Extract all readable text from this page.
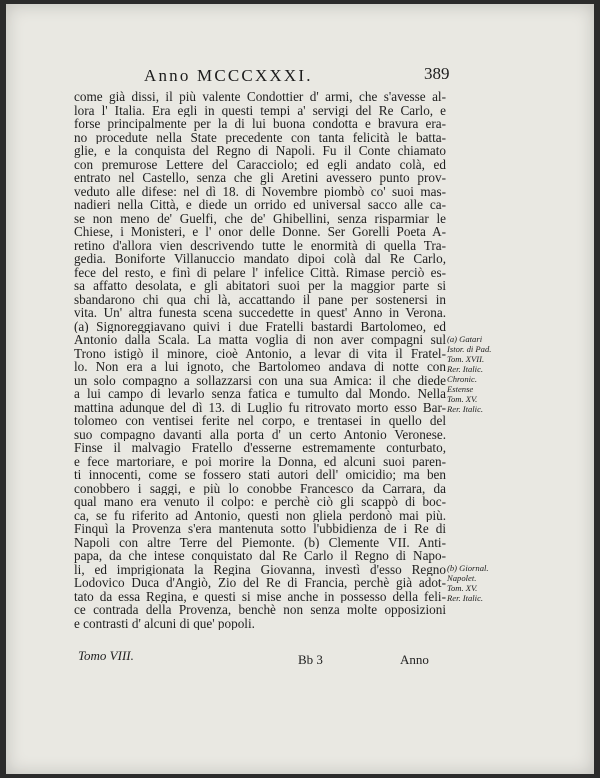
Anno MCCCXXXI.	389
come già dissi, il più valente Condottier d' armi, che s'avesse al-
lora l' Italia. Era egli in questi tempi a' servigi del Re Carlo, e
forse principalmente per la di lui buona condotta e bravura era-
no procedute nella State precedente con tanta felicità le batta-
glie, e la conquista del Regno di Napoli. Fu il Conte chiamato
con premurose Lettere del Caracciolo; ed egli andato colà, ed
entrato nel Castello, senza che gli Aretini avessero punto prov-
veduto alle difese: nel dì 18. di Novembre piombò co' suoi mas-
nadieri nella Città, e diede un orrido ed universal sacco alle ca-
se non meno de' Guelfi, che de' Ghibellini, senza risparmiar le
Chiese, i Monisteri, e l' onor delle Donne. Ser Gorelli Poeta A-
retino d'allora vien descrivendo tutte le enormità di quella Tra-
gedia. Boniforte Villanuccio mandato dipoi colà dal Re Carlo,
fece del resto, e finì di pelare l' infelice Città. Rimase perciò es-
sa affatto desolata, e gli abitatori suoi per la maggior parte si
sbandarono chi qua chi là, accattando il pane per sostenersi in
vita. Un' altra funesta scena succedette in quest' Anno in Verona.
(a) Signoreggiavano quivi i due Fratelli bastardi Bartolomeo, ed
Antonio dalla Scala. La matta voglia di non aver compagni sul
Trono istigò il minore, cioè Antonio, a levar di vita il Fratel-
lo. Non era a lui ignoto, che Bartolomeo andava di notte con
un solo compagno a sollazzarsi con una sua Amica: il che diede
a lui campo di levarlo senza fatica e tumulto dal Mondo. Nella
mattina adunque del dì 13. di Luglio fu ritrovato morto esso Bar-
tolomeo con ventisei ferite nel corpo, e trentasei in quello del
suo compagno davanti alla porta d' un certo Antonio Veronese.
Finse il malvagio Fratello d'esserne estremamente conturbato,
e fece martoriare, e poi morire la Donna, ed alcuni suoi paren-
ti innocenti, come se fossero stati autori dell' omicidio; ma ben
conobbero i saggi, e più lo conobbe Francesco da Carrara, da
qual mano era venuto il colpo: e perchè ciò gli scappò di boc-
ca, se fu riferito ad Antonio, questi non gliela perdonò mai più.
Finquì la Provenza s'era mantenuta sotto l'ubbidienza de i Re di
Napoli con altre Terre del Piemonte. (b) Clemente VII. Anti-
papa, da che intese conquistato dal Re Carlo il Regno di Napo-
li, ed imprigionata la Regina Giovanna, investì d'esso Regno
Lodovico Duca d'Angiò, Zio del Re di Francia, perchè già adot-
tato da essa Regina, e questi si mise anche in possesso della feli-
ce contrada della Provenza, benchè non senza molte opposizioni
e contrasti d' alcuni di que' popoli.
(a) Gatari
Istor. di Pad.
Tom. XVII.
Rer. Italic.
Chronic.
Estense
Tom. XV.
Rer. Italic.
(b) Giornal.
Napolet.
Tom. XV.
Rer. Italic.
Tomo VIII.	Bb 3	Anno
